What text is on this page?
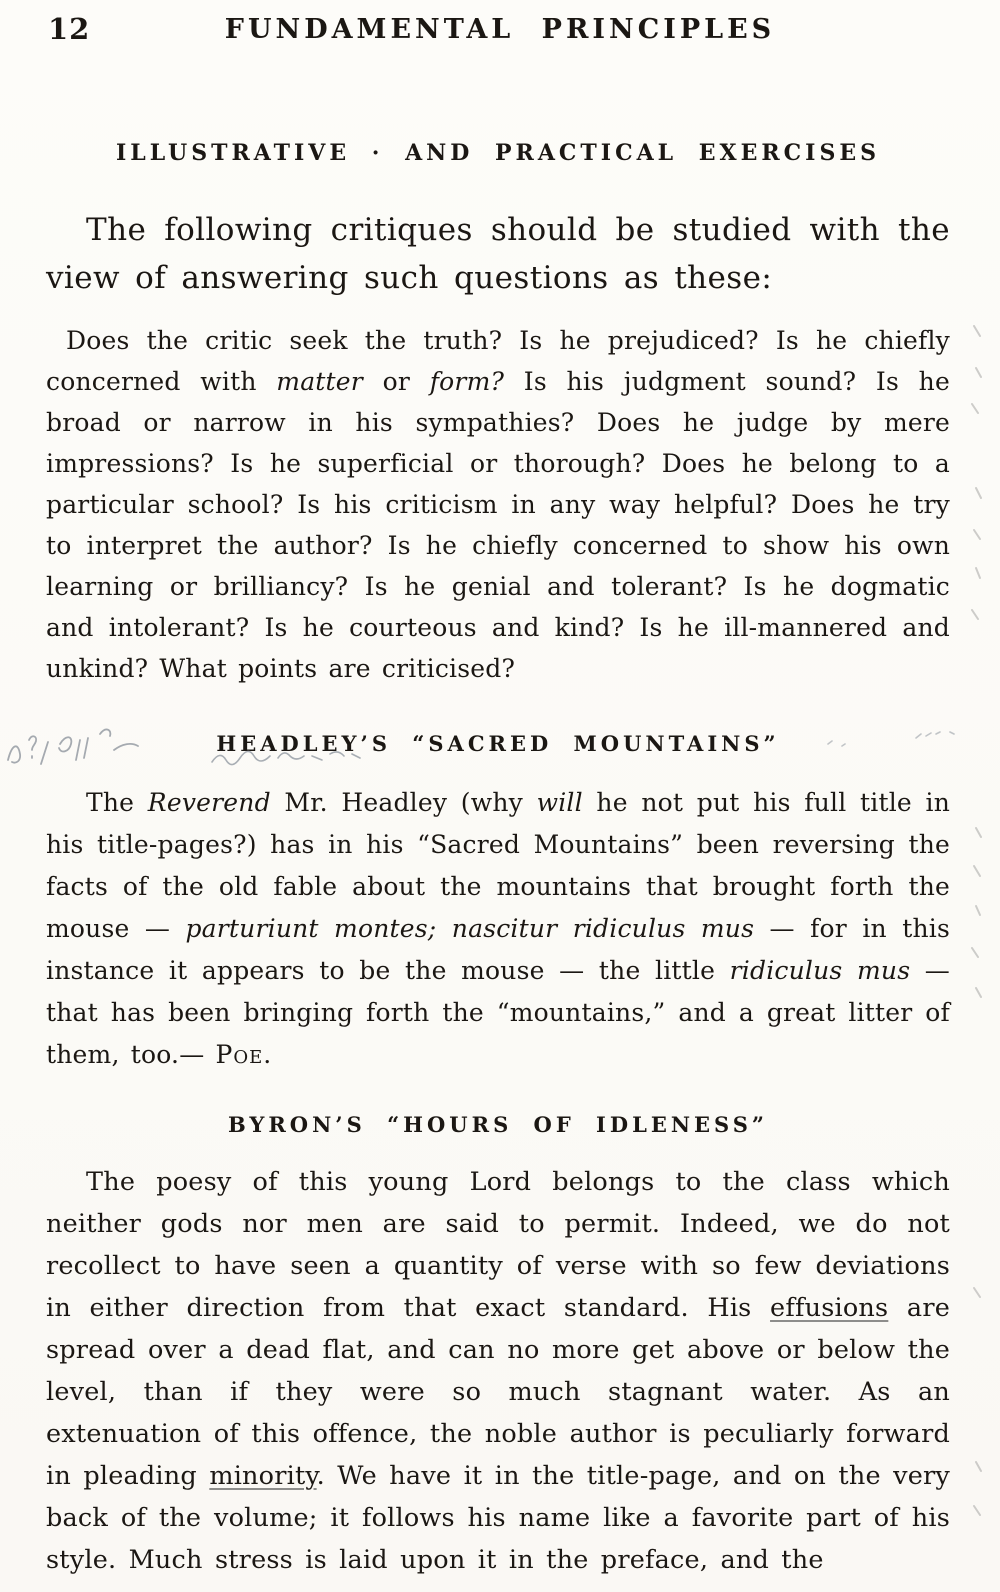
12	FUNDAMENTAL PRINCIPLES
ILLUSTRATIVE · AND PRACTICAL EXERCISES

The following critiques should be studied with the view of answering such questions as these:

Does the critic seek the truth? Is he prejudiced? Is he chiefly concerned with matter or form? Is his judgment sound? Is he broad or narrow in his sympathies? Does he judge by mere impressions? Is he superficial or thorough? Does he belong to a particular school? Is his criticism in any way helpful? Does he try to interpret the author? Is he chiefly concerned to show his own learning or brilliancy? Is he genial and tolerant? Is he dogmatic and intolerant? Is he courteous and kind? Is he ill-mannered and unkind? What points are criticised?

HEADLEY’S “SACRED MOUNTAINS”

The Reverend Mr. Headley (why will he not put his full title in his title-pages?) has in his “Sacred Mountains” been reversing the facts of the old fable about the mountains that brought forth the mouse — parturiunt montes; nascitur ridiculus mus — for in this instance it appears to be the mouse — the little ridiculus mus — that has been bringing forth the “mountains,” and a great litter of them, too.— Poe.

BYRON’S “HOURS OF IDLENESS”

The poesy of this young Lord belongs to the class which neither gods nor men are said to permit. Indeed, we do not recollect to have seen a quantity of verse with so few deviations in either direction from that exact standard. His effusions are spread over a dead flat, and can no more get above or below the level, than if they were so much stagnant water. As an extenuation of this offence, the noble author is peculiarly forward in pleading minority. We have it in the title-page, and on the very back of the volume; it follows his name like a favorite part of his style. Much stress is laid upon it in the preface, and the
